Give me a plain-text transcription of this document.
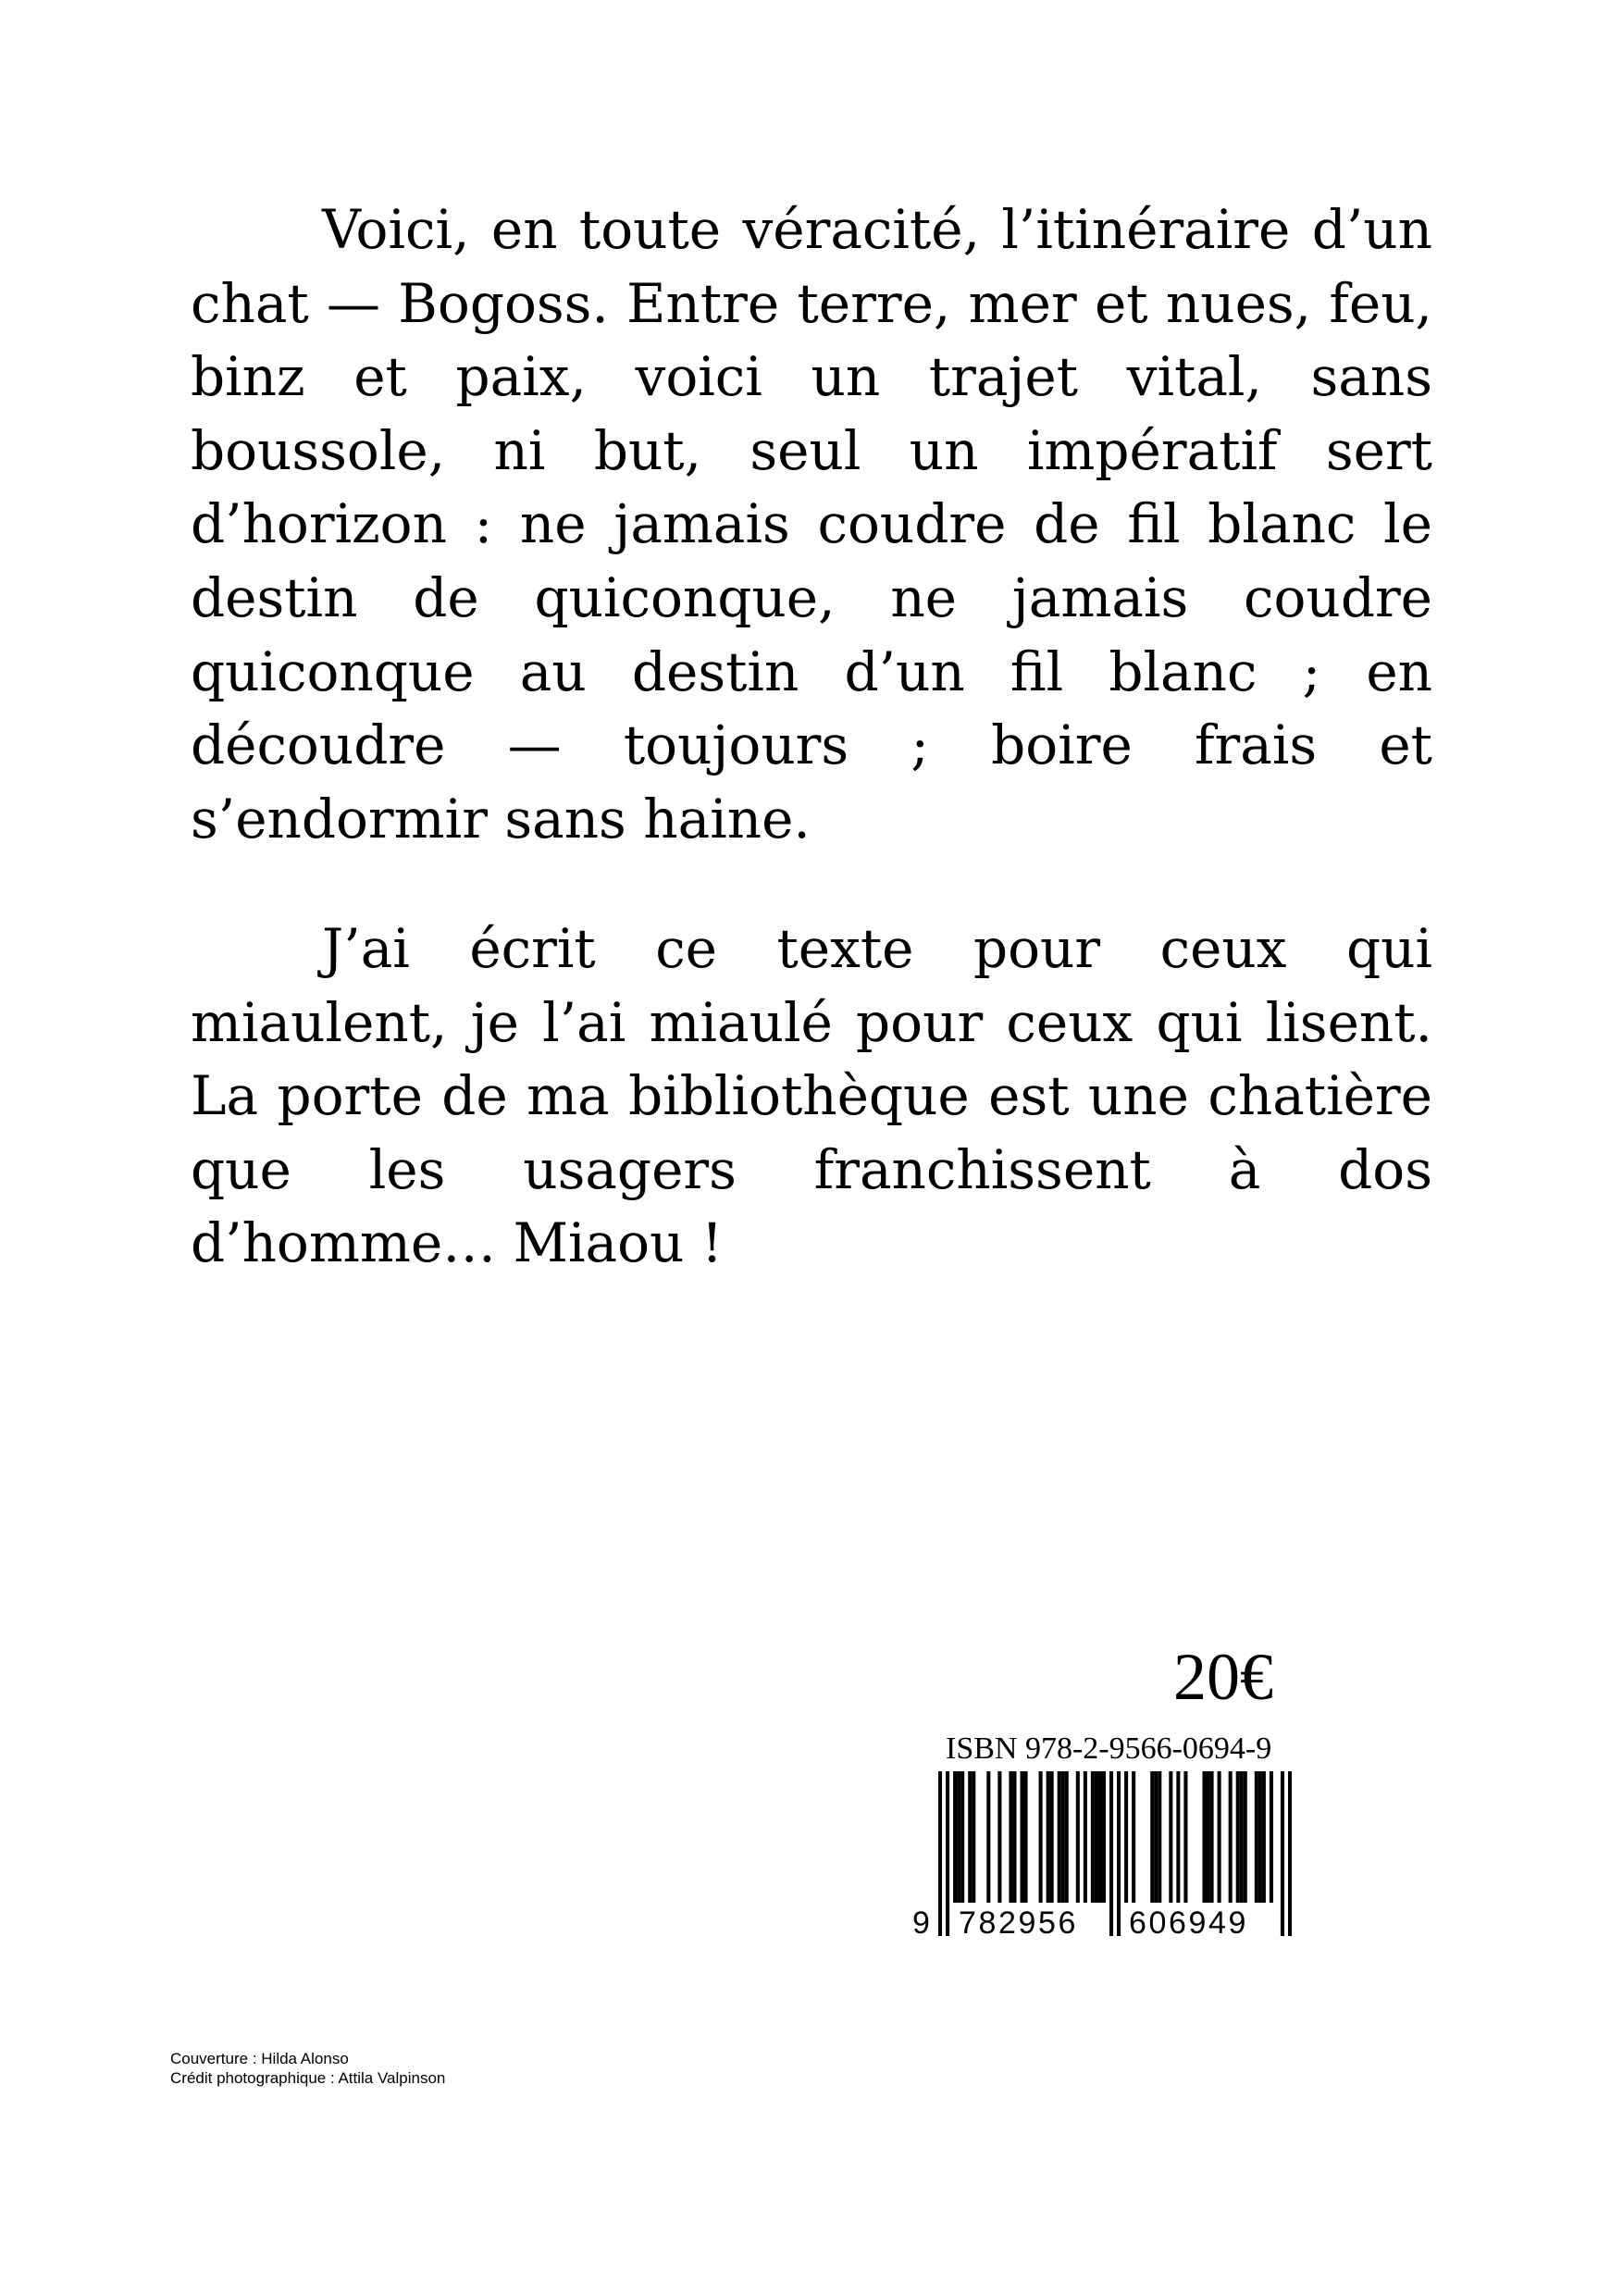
Voici, en toute véracité, l’itinéraire d’un chat — Bogoss. Entre terre, mer et nues, feu, binz et paix, voici un trajet vital, sans boussole, ni but, seul un impératif sert d’horizon : ne jamais coudre de fil blanc le destin de quiconque, ne jamais coudre quiconque au destin d’un fil blanc ; en découdre — toujours ; boire frais et s’endormir sans haine.

J’ai écrit ce texte pour ceux qui miaulent, je l’ai miaulé pour ceux qui lisent. La porte de ma bibliothèque est une chatière que les usagers franchissent à dos d’homme… Miaou !

20€
ISBN 978-2-9566-0694-9
9 782956 606949
Couverture : Hilda Alonso
Crédit photographique : Attila Valpinson
